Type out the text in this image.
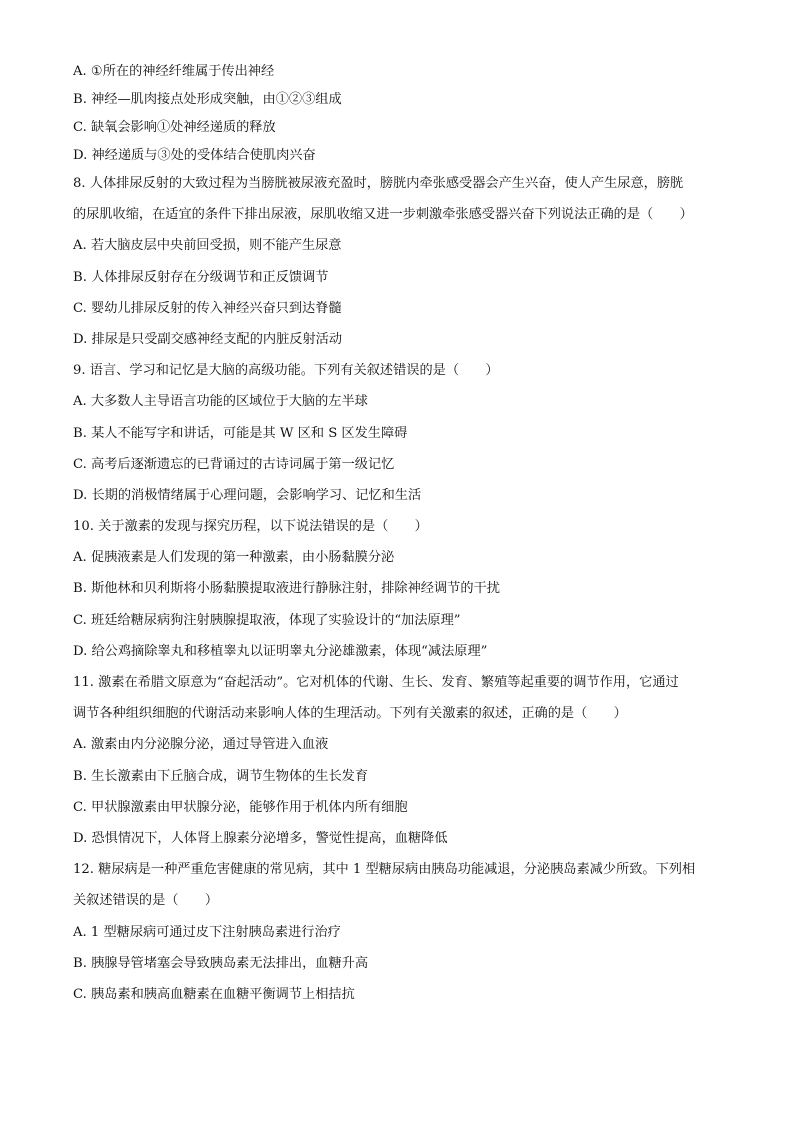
A. ①所在的神经纤维属于传出神经
B. 神经—肌肉接点处形成突触，由①②③组成
C. 缺氧会影响①处神经递质的释放
D. 神经递质与③处的受体结合使肌肉兴奋
8. 人体排尿反射的大致过程为当膀胱被尿液充盈时，膀胱内牵张感受器会产生兴奋，使人产生尿意，膀胱
的尿肌收缩，在适宜的条件下排出尿液，尿肌收缩又进一步刺激牵张感受器兴奋下列说法正确的是（　　）
A. 若大脑皮层中央前回受损，则不能产生尿意
B. 人体排尿反射存在分级调节和正反馈调节
C. 婴幼儿排尿反射的传入神经兴奋只到达脊髓
D. 排尿是只受副交感神经支配的内脏反射活动
9. 语言、学习和记忆是大脑的高级功能。下列有关叙述错误的是（　　）
A. 大多数人主导语言功能的区域位于大脑的左半球
B. 某人不能写字和讲话，可能是其 W 区和 S 区发生障碍
C. 高考后逐渐遗忘的已背诵过的古诗词属于第一级记忆
D. 长期的消极情绪属于心理问题，会影响学习、记忆和生活
10. 关于激素的发现与探究历程，以下说法错误的是（　　）
A. 促胰液素是人们发现的第一种激素，由小肠黏膜分泌
B. 斯他林和贝利斯将小肠黏膜提取液进行静脉注射，排除神经调节的干扰
C. 班廷给糖尿病狗注射胰腺提取液，体现了实验设计的“加法原理”
D. 给公鸡摘除睾丸和移植睾丸以证明睾丸分泌雄激素，体现“减法原理”
11. 激素在希腊文原意为“奋起活动”。它对机体的代谢、生长、发育、繁殖等起重要的调节作用，它通过
调节各种组织细胞的代谢活动来影响人体的生理活动。下列有关激素的叙述，正确的是（　　）
A. 激素由内分泌腺分泌，通过导管进入血液
B. 生长激素由下丘脑合成，调节生物体的生长发育
C. 甲状腺激素由甲状腺分泌，能够作用于机体内所有细胞
D. 恐惧情况下，人体肾上腺素分泌增多，警觉性提高，血糖降低
12. 糖尿病是一种严重危害健康的常见病，其中 1 型糖尿病由胰岛功能减退，分泌胰岛素减少所致。下列相
关叙述错误的是（　　）
A. 1 型糖尿病可通过皮下注射胰岛素进行治疗
B. 胰腺导管堵塞会导致胰岛素无法排出，血糖升高
C. 胰岛素和胰高血糖素在血糖平衡调节上相拮抗
